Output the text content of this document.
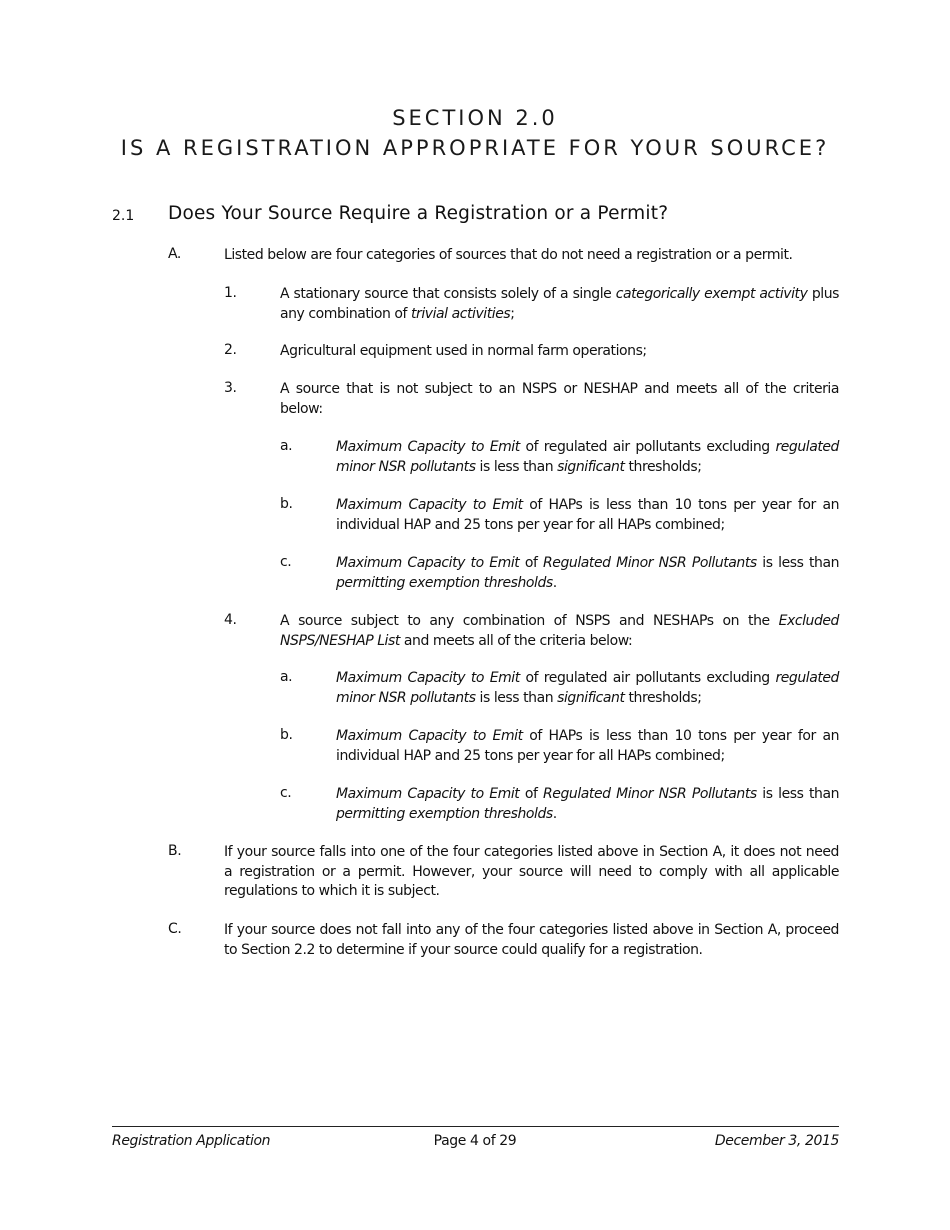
SECTION 2.0
IS A REGISTRATION APPROPRIATE FOR YOUR SOURCE?
2.1 Does Your Source Require a Registration or a Permit?
A.	Listed below are four categories of sources that do not need a registration or a permit.
1.	A stationary source that consists solely of a single categorically exempt activity plus any combination of trivial activities;
2.	Agricultural equipment used in normal farm operations;
3.	A source that is not subject to an NSPS or NESHAP and meets all of the criteria below:
a.	Maximum Capacity to Emit of regulated air pollutants excluding regulated minor NSR pollutants is less than significant thresholds;
b.	Maximum Capacity to Emit of HAPs is less than 10 tons per year for an individual HAP and 25 tons per year for all HAPs combined;
c.	Maximum Capacity to Emit of Regulated Minor NSR Pollutants is less than permitting exemption thresholds.
4.	A source subject to any combination of NSPS and NESHAPs on the Excluded NSPS/NESHAP List and meets all of the criteria below:
a.	Maximum Capacity to Emit of regulated air pollutants excluding regulated minor NSR pollutants is less than significant thresholds;
b.	Maximum Capacity to Emit of HAPs is less than 10 tons per year for an individual HAP and 25 tons per year for all HAPs combined;
c.	Maximum Capacity to Emit of Regulated Minor NSR Pollutants is less than permitting exemption thresholds.
B.	If your source falls into one of the four categories listed above in Section A, it does not need a registration or a permit. However, your source will need to comply with all applicable regulations to which it is subject.
C.	If your source does not fall into any of the four categories listed above in Section A, proceed to Section 2.2 to determine if your source could qualify for a registration.
Registration Application	Page 4 of 29	December 3, 2015
